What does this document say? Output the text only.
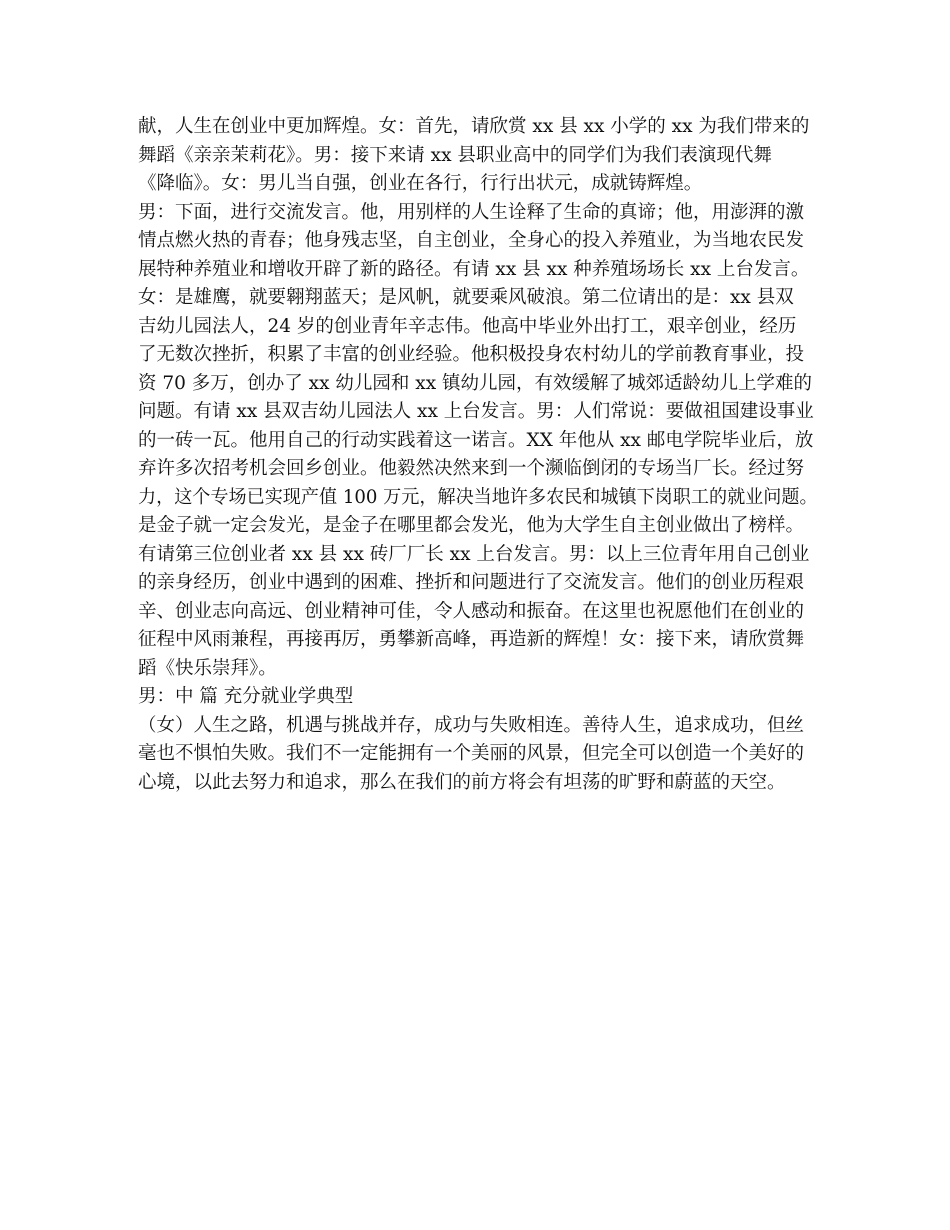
献，人生在创业中更加辉煌。女：首先，请欣赏 xx 县 xx 小学的 xx 为我们带来的
舞蹈《亲亲茉莉花》。男：接下来请 xx 县职业高中的同学们为我们表演现代舞
《降临》。女：男儿当自强，创业在各行，行行出状元，成就铸辉煌。
男：下面，进行交流发言。他，用别样的人生诠释了生命的真谛；他，用澎湃的激
情点燃火热的青春；他身残志坚，自主创业，全身心的投入养殖业，为当地农民发
展特种养殖业和增收开辟了新的路径。有请 xx 县 xx 种养殖场场长 xx 上台发言。
女：是雄鹰，就要翱翔蓝天；是风帆，就要乘风破浪。第二位请出的是：xx 县双
吉幼儿园法人，24 岁的创业青年辛志伟。他高中毕业外出打工，艰辛创业，经历
了无数次挫折，积累了丰富的创业经验。他积极投身农村幼儿的学前教育事业，投
资 70 多万，创办了 xx 幼儿园和 xx 镇幼儿园，有效缓解了城郊适龄幼儿上学难的
问题。有请 xx 县双吉幼儿园法人 xx 上台发言。男：人们常说：要做祖国建设事业
的一砖一瓦。他用自己的行动实践着这一诺言。XX 年他从 xx 邮电学院毕业后，放
弃许多次招考机会回乡创业。他毅然决然来到一个濒临倒闭的专场当厂长。经过努
力，这个专场已实现产值 100 万元，解决当地许多农民和城镇下岗职工的就业问题。
是金子就一定会发光，是金子在哪里都会发光，他为大学生自主创业做出了榜样。
有请第三位创业者 xx 县 xx 砖厂厂长 xx 上台发言。男：以上三位青年用自己创业
的亲身经历，创业中遇到的困难、挫折和问题进行了交流发言。他们的创业历程艰
辛、创业志向高远、创业精神可佳，令人感动和振奋。在这里也祝愿他们在创业的
征程中风雨兼程，再接再厉，勇攀新高峰，再造新的辉煌！女：接下来，请欣赏舞
蹈《快乐崇拜》。
男：中 篇 充分就业学典型
（女）人生之路，机遇与挑战并存，成功与失败相连。善待人生，追求成功，但丝
毫也不惧怕失败。我们不一定能拥有一个美丽的风景，但完全可以创造一个美好的
心境，以此去努力和追求，那么在我们的前方将会有坦荡的旷野和蔚蓝的天空。
